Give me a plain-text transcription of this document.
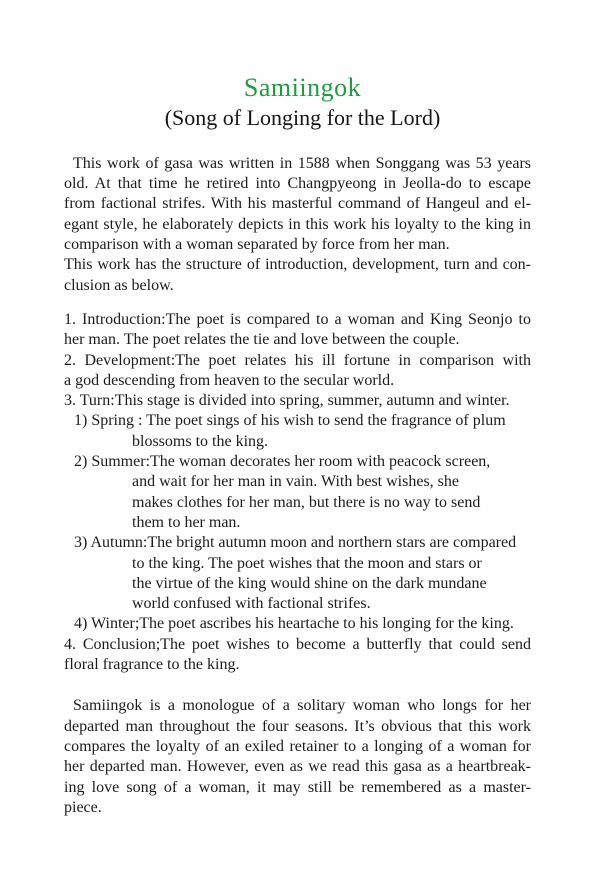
Samiingok
(Song of Longing for the Lord)
This work of gasa was written in 1588 when Songgang was 53 years
old. At that time he retired into Changpyeong in Jeolla-do to escape
from factional strifes. With his masterful command of Hangeul and el-
egant style, he elaborately depicts in this work his loyalty to the king in
comparison with a woman separated by force from her man.
This work has the structure of introduction, development, turn and con-
clusion as below.
1. Introduction:The poet is compared to a woman and King Seonjo to
her man. The poet relates the tie and love between the couple.
2. Development:The poet relates his ill fortune in comparison with
a god descending from heaven to the secular world.
3. Turn:This stage is divided into spring, summer, autumn and winter.
1) Spring : The poet sings of his wish to send the fragrance of plum
blossoms to the king.
2) Summer:The woman decorates her room with peacock screen,
and wait for her man in vain. With best wishes, she
makes clothes for her man, but there is no way to send
them to her man.
3) Autumn:The bright autumn moon and northern stars are compared
to the king. The poet wishes that the moon and stars or
the virtue of the king would shine on the dark mundane
world confused with factional strifes.
4) Winter;The poet ascribes his heartache to his longing for the king.
4. Conclusion;The poet wishes to become a butterfly that could send
floral fragrance to the king.
Samiingok is a monologue of a solitary woman who longs for her
departed man throughout the four seasons. It’s obvious that this work
compares the loyalty of an exiled retainer to a longing of a woman for
her departed man. However, even as we read this gasa as a heartbreak-
ing love song of a woman, it may still be remembered as a master-
piece.
